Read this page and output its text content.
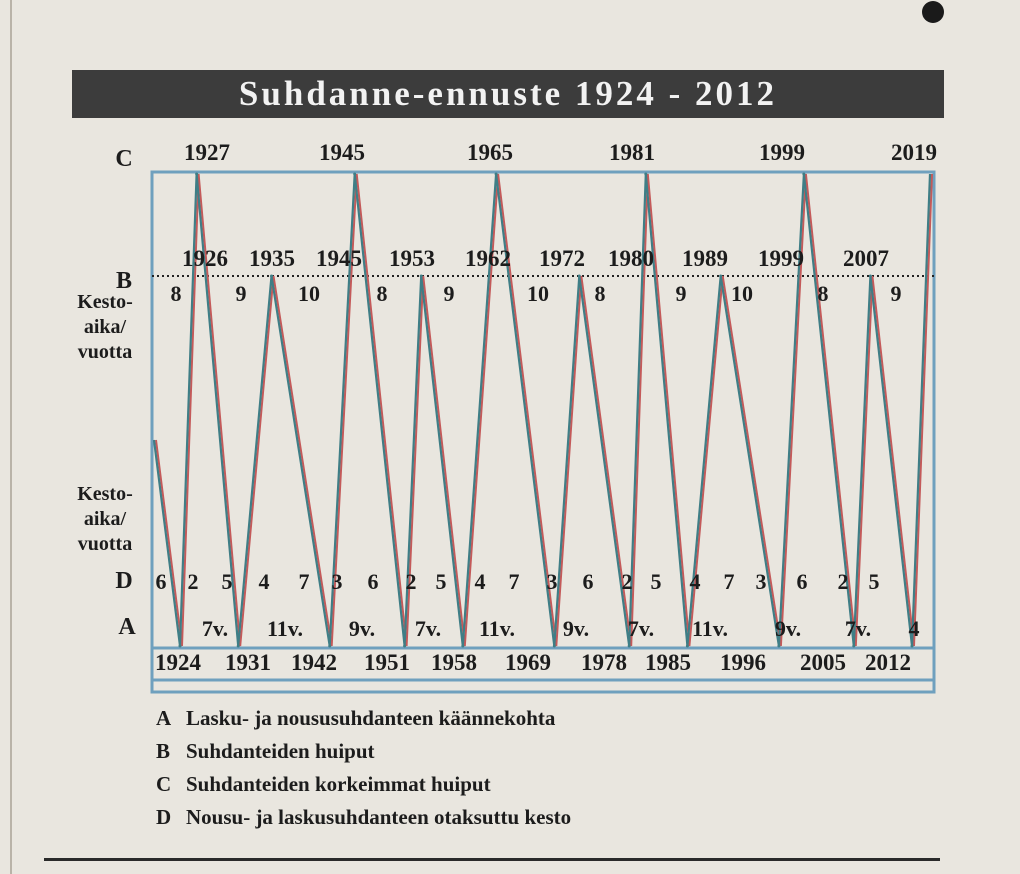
Suhdanne-ennuste 1924 - 2012
C
B
D
A
Kesto-
aika/
vuotta
Kesto-
aika/
vuotta
1927	1945	1965	1981	1999	2019
1926 1935 1945 1953 1962 1972 1980 1989 1999 2007
8 9 10	8	9	10 8	9 10	8	9
6 2 5 4 7 3 6 2 5 4 7 3 6 2 5 4 7 3 6 2 5
7v. 11v. 9v. 7v. 11v. 9v. 7v. 11v. 9v. 7v. 4
1924 1931 1942 1951 1958 1969 1978 1985 1996 2005 2012
A Lasku- ja noususuhdanteen käännekohta
B Suhdanteiden huiput
C Suhdanteiden korkeimmat huiput
D Nousu- ja laskusuhdanteen otaksuttu kesto
